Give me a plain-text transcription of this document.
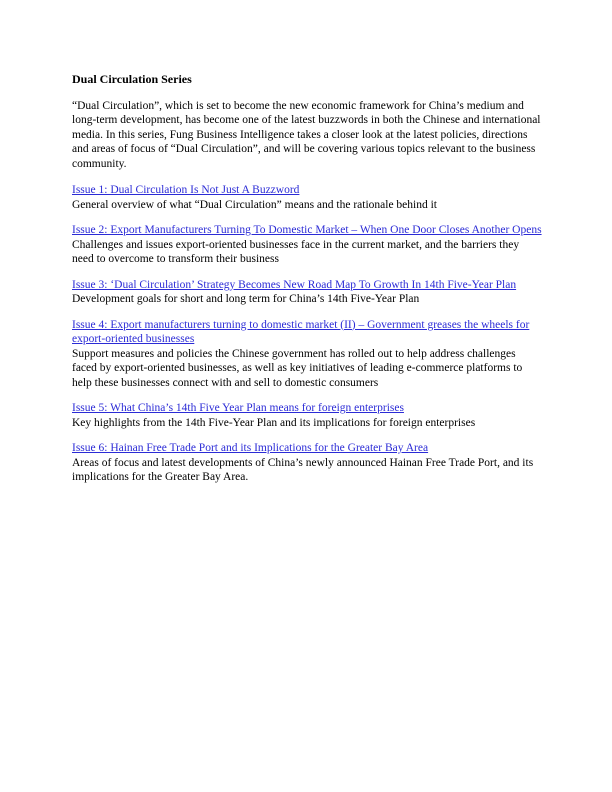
Dual Circulation Series
“Dual Circulation”, which is set to become the new economic framework for China’s medium and long-term development, has become one of the latest buzzwords in both the Chinese and international media. In this series, Fung Business Intelligence takes a closer look at the latest policies, directions and areas of focus of “Dual Circulation”, and will be covering various topics relevant to the business community.
Issue 1: Dual Circulation Is Not Just A Buzzword
General overview of what “Dual Circulation” means and the rationale behind it
Issue 2: Export Manufacturers Turning To Domestic Market – When One Door Closes Another Opens
Challenges and issues export-oriented businesses face in the current market, and the barriers they need to overcome to transform their business
Issue 3: ‘Dual Circulation’ Strategy Becomes New Road Map To Growth In 14th Five-Year Plan
Development goals for short and long term for China’s 14th Five-Year Plan
Issue 4: Export manufacturers turning to domestic market (II) – Government greases the wheels for export-oriented businesses
Support measures and policies the Chinese government has rolled out to help address challenges faced by export-oriented businesses, as well as key initiatives of leading e-commerce platforms to help these businesses connect with and sell to domestic consumers
Issue 5: What China’s 14th Five Year Plan means for foreign enterprises
Key highlights from the 14th Five-Year Plan and its implications for foreign enterprises
Issue 6: Hainan Free Trade Port and its Implications for the Greater Bay Area
Areas of focus and latest developments of China’s newly announced Hainan Free Trade Port, and its implications for the Greater Bay Area.
